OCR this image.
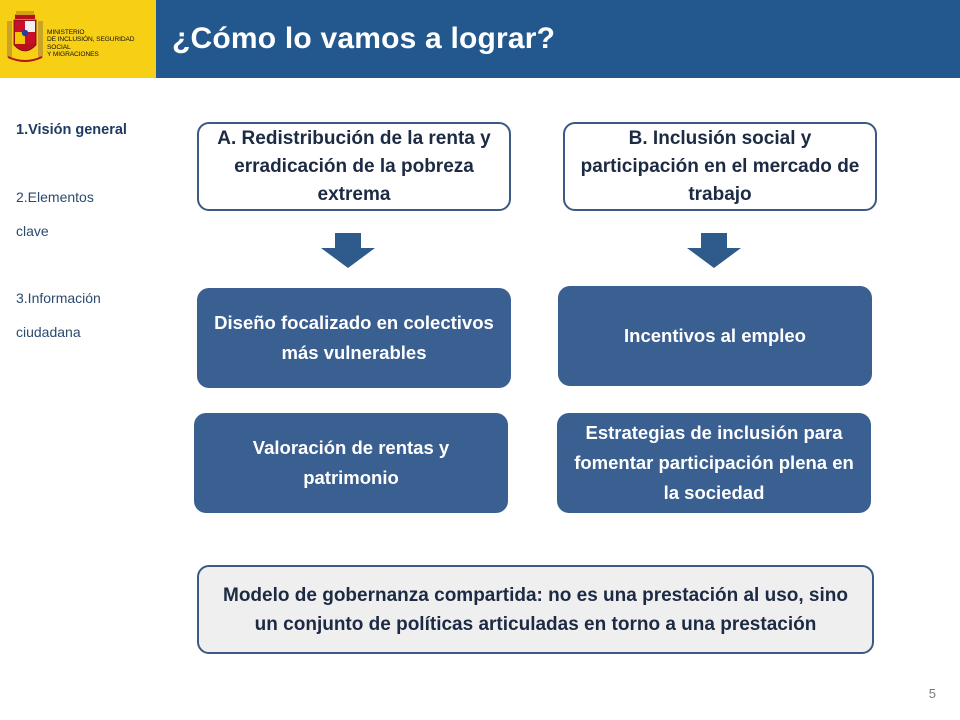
MINISTERIO
DE INCLUSIÓN, SEGURIDAD SOCIAL
Y MIGRACIONES	¿Cómo lo vamos a lograr?
1.Visión general
2.Elementos
clave
3.Información
ciudadana
A. Redistribución de la renta y erradicación de la pobreza extrema
B. Inclusión social y participación en el mercado de trabajo
Diseño focalizado en colectivos más vulnerables
Valoración de rentas y patrimonio
Incentivos al empleo
Estrategias de inclusión para fomentar participación plena en la sociedad
Modelo de gobernanza compartida: no es una prestación al uso, sino un conjunto de políticas articuladas en torno a una prestación
5
